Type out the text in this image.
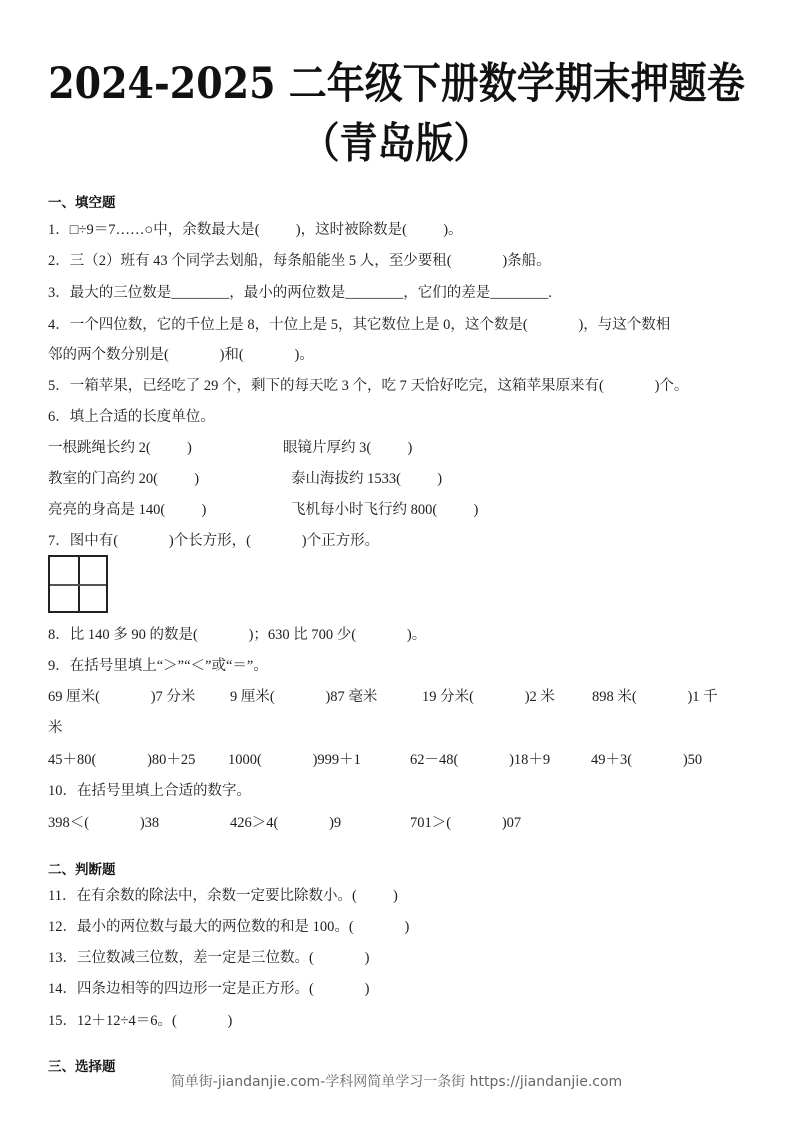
2024-2025 二年级下册数学期末押题卷
（青岛版）
一、填空题
1．□÷9＝7……○中，余数最大是(          )，这时被除数是(          )。
2．三（2）班有 43 个同学去划船，每条船能坐 5 人，至少要租(              )条船。
3．最大的三位数是________，最小的两位数是________，它们的差是________.
4．一个四位数，它的千位上是 8，十位上是 5，其它数位上是 0，这个数是(              )，与这个数相
邻的两个数分别是(              )和(              )。
5．一箱苹果，已经吃了 29 个，剩下的每天吃 3 个，吃 7 天恰好吃完，这箱苹果原来有(              )个。
6．填上合适的长度单位。
一根跳绳长约 2(          )	眼镜片厚约 3(          )
教室的门高约 20(          )	泰山海拔约 1533(          )
亮亮的身高是 140(          )	飞机每小时飞行约 800(          )
7．图中有(              )个长方形，(              )个正方形。
8．比 140 多 90 的数是(              )；630 比 700 少(              )。
9．在括号里填上“＞”“＜”或“＝”。
69 厘米(              )7 分米 9 厘米(              )87 毫米	19 分米(              )2 米	898 米(              )1 千
米
45＋80(              )80＋25 1000(              )999＋1	62－48(              )18＋9	49＋3(              )50
10．在括号里填上合适的数字。
398＜(              )38	426＞4(              )9	701＞(              )07
二、判断题
11．在有余数的除法中，余数一定要比除数小。(          )
12．最小的两位数与最大的两位数的和是 100。(              )
13．三位数减三位数，差一定是三位数。(              )
14．四条边相等的四边形一定是正方形。(              )
15．12＋12÷4＝6。(              )
三、选择题
简单街-jiandanjie.com-学科网简单学习一条街 https://jiandanjie.com
